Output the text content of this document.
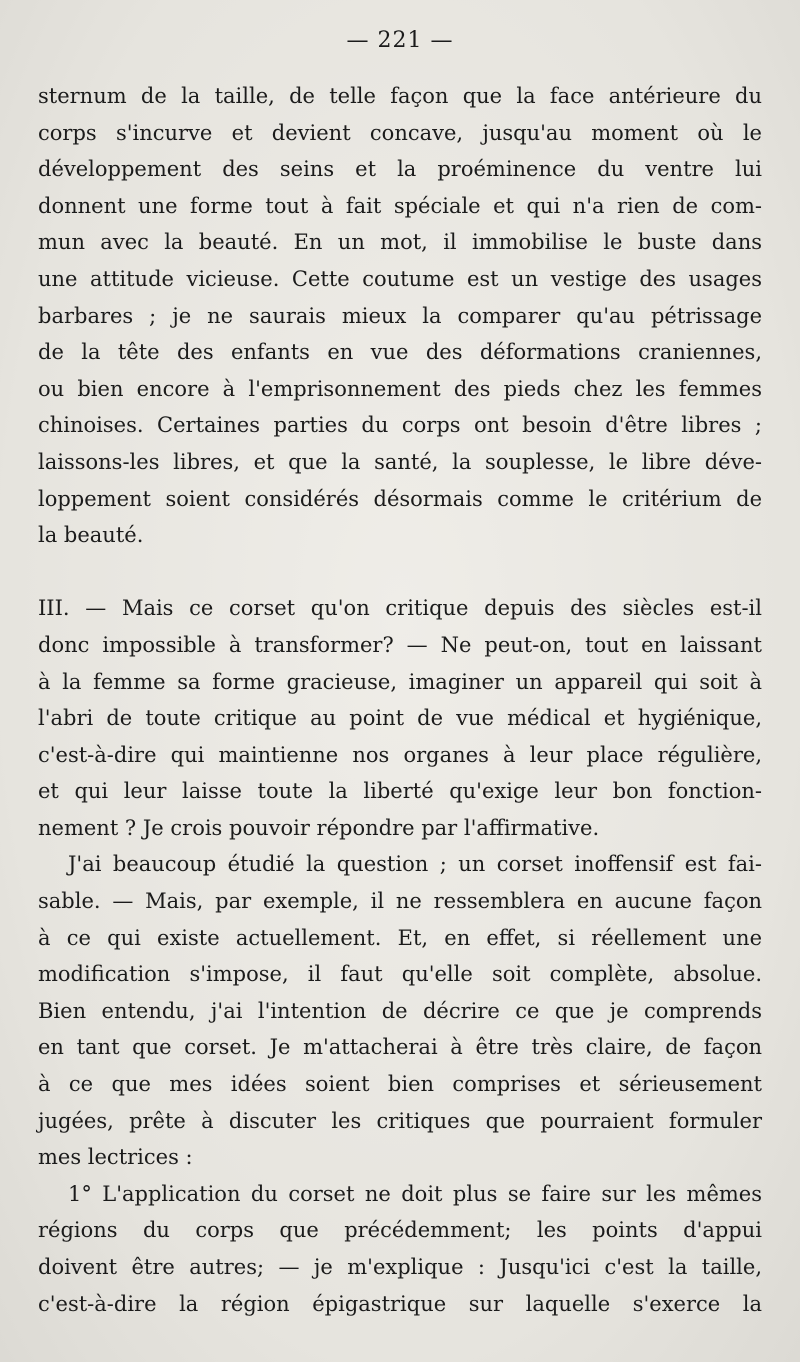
— 221 —
sternum de la taille, de telle façon que la face antérieure du
corps s'incurve et devient concave, jusqu'au moment où le
développement des seins et la proéminence du ventre lui
donnent une forme tout à fait spéciale et qui n'a rien de com-
mun avec la beauté. En un mot, il immobilise le buste dans
une attitude vicieuse. Cette coutume est un vestige des usages
barbares ; je ne saurais mieux la comparer qu'au pétrissage
de la tête des enfants en vue des déformations craniennes,
ou bien encore à l'emprisonnement des pieds chez les femmes
chinoises. Certaines parties du corps ont besoin d'être libres ;
laissons-les libres, et que la santé, la souplesse, le libre déve-
loppement soient considérés désormais comme le critérium de
la beauté.
III. — Mais ce corset qu'on critique depuis des siècles est-il
donc impossible à transformer? — Ne peut-on, tout en laissant
à la femme sa forme gracieuse, imaginer un appareil qui soit à
l'abri de toute critique au point de vue médical et hygiénique,
c'est-à-dire qui maintienne nos organes à leur place régulière,
et qui leur laisse toute la liberté qu'exige leur bon fonction-
nement ? Je crois pouvoir répondre par l'affirmative.
J'ai beaucoup étudié la question ; un corset inoffensif est fai-
sable. — Mais, par exemple, il ne ressemblera en aucune façon
à ce qui existe actuellement. Et, en effet, si réellement une
modification s'impose, il faut qu'elle soit complète, absolue.
Bien entendu, j'ai l'intention de décrire ce que je comprends
en tant que corset. Je m'attacherai à être très claire, de façon
à ce que mes idées soient bien comprises et sérieusement
jugées, prête à discuter les critiques que pourraient formuler
mes lectrices :
1° L'application du corset ne doit plus se faire sur les mêmes
régions du corps que précédemment; les points d'appui
doivent être autres; — je m'explique : Jusqu'ici c'est la taille,
c'est-à-dire la région épigastrique sur laquelle s'exerce la
